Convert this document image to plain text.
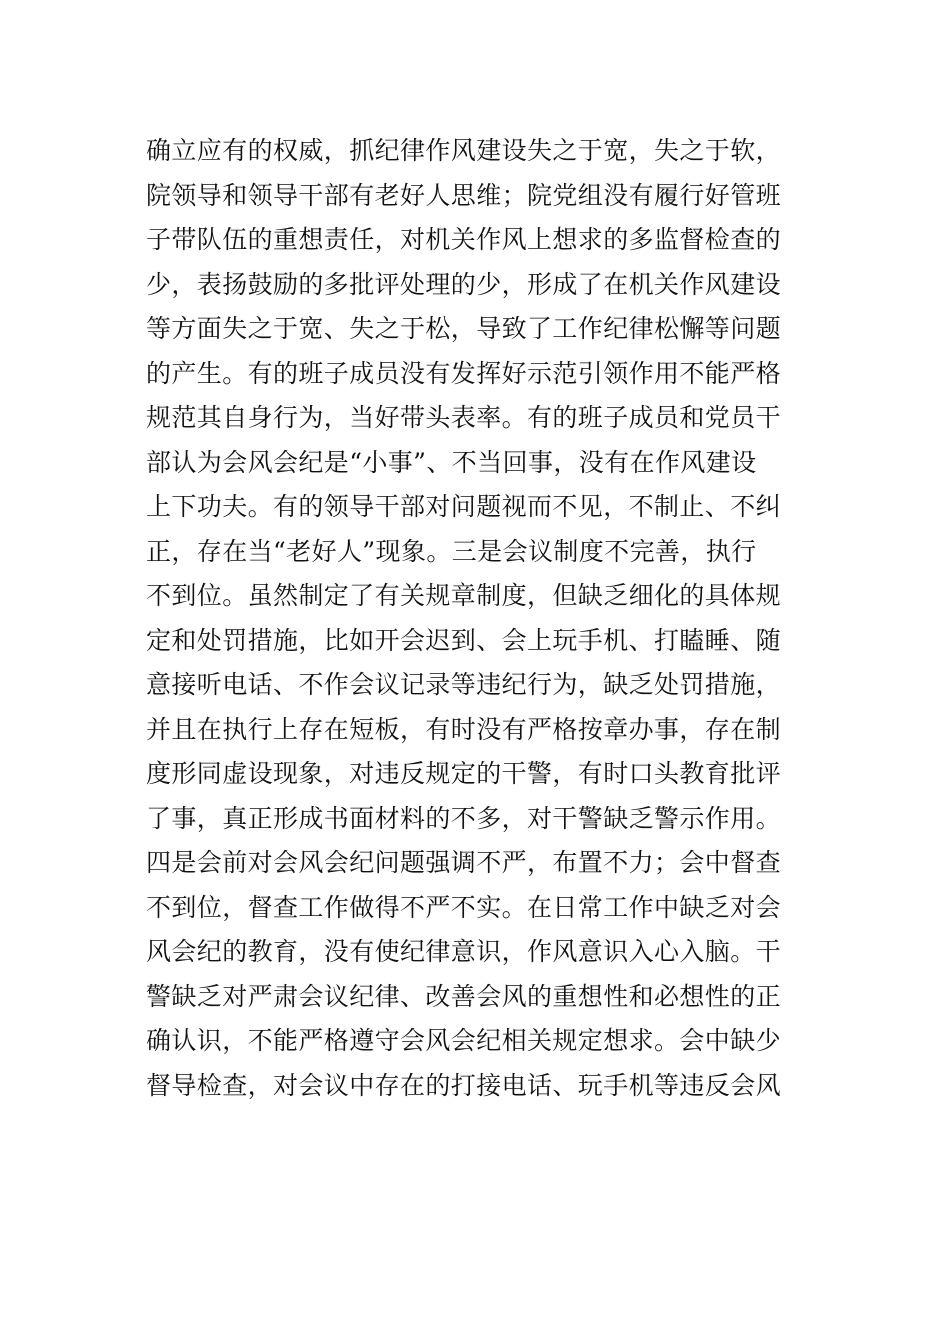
确立应有的权威，抓纪律作风建设失之于宽，失之于软，
院领导和领导干部有老好人思维；院党组没有履行好管班
子带队伍的重想责任，对机关作风上想求的多监督检查的
少，表扬鼓励的多批评处理的少，形成了在机关作风建设
等方面失之于宽、失之于松，导致了工作纪律松懈等问题
的产生。有的班子成员没有发挥好示范引领作用不能严格
规范其自身行为，当好带头表率。有的班子成员和党员干
部认为会风会纪是“小事”、不当回事，没有在作风建设
上下功夫。有的领导干部对问题视而不见，不制止、不纠
正，存在当“老好人”现象。三是会议制度不完善，执行
不到位。虽然制定了有关规章制度，但缺乏细化的具体规
定和处罚措施，比如开会迟到、会上玩手机、打瞌睡、随
意接听电话、不作会议记录等违纪行为，缺乏处罚措施，
并且在执行上存在短板，有时没有严格按章办事，存在制
度形同虚设现象，对违反规定的干警，有时口头教育批评
了事，真正形成书面材料的不多，对干警缺乏警示作用。
四是会前对会风会纪问题强调不严，布置不力；会中督查
不到位，督查工作做得不严不实。在日常工作中缺乏对会
风会纪的教育，没有使纪律意识，作风意识入心入脑。干
警缺乏对严肃会议纪律、改善会风的重想性和必想性的正
确认识，不能严格遵守会风会纪相关规定想求。会中缺少
督导检查，对会议中存在的打接电话、玩手机等违反会风
